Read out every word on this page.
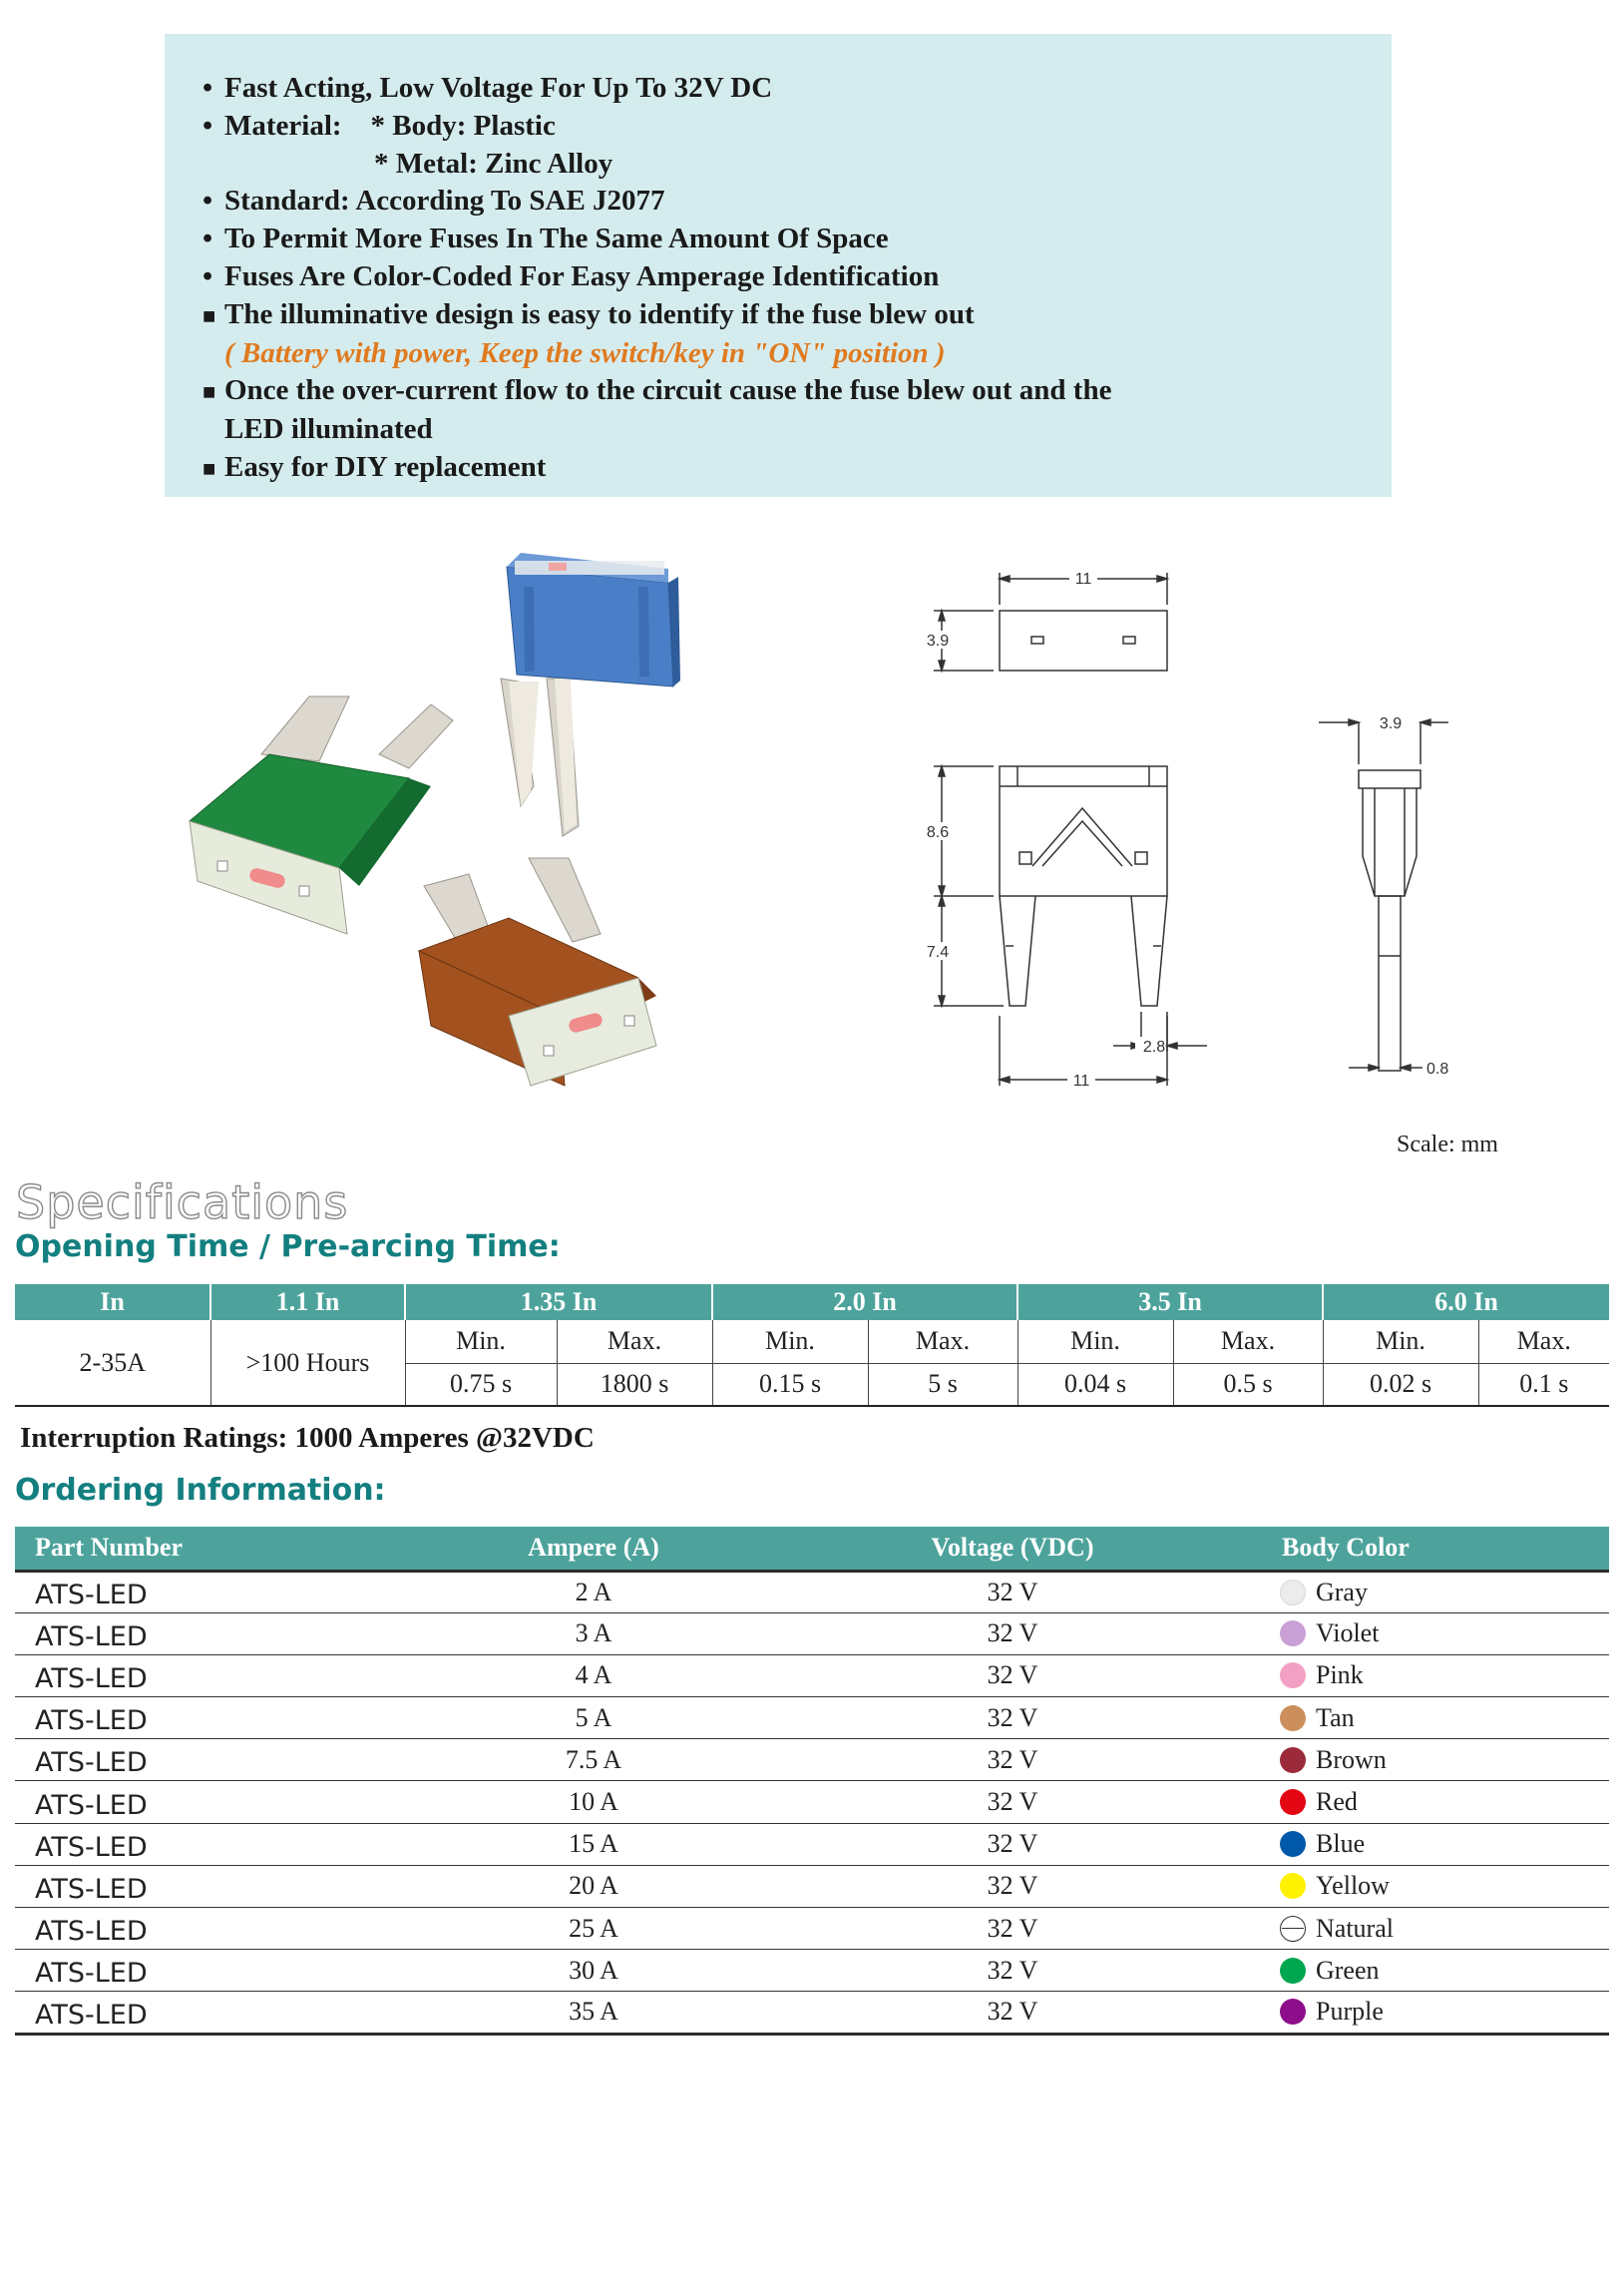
• Fast Acting, Low Voltage For Up To 32V DC
• Material:    * Body: Plastic
* Metal: Zinc Alloy
• Standard: According To SAE J2077
• To Permit More Fuses In The Same Amount Of Space
• Fuses Are Color-Coded For Easy Amperage Identification
■ The illuminative design is easy to identify if the fuse blew out
( Battery with power, Keep the switch/key in "ON" position )
■ Once the over-current flow to the circuit cause the fuse blew out and the
LED illuminated
■ Easy for DIY replacement
11
3.9
3.9
8.6
7.4
2.8
11
0.8
Scale: mm
Specifications
Opening Time / Pre-arcing Time:
In	1.1 In	1.35 In		2.0 In		3.5 In		6.0 In	
2-35A	>100 Hours	Min.	Max.	Min.	Max.	Min.	Max.	Min.	Max.
		0.75 s	1800 s	0.15 s	5 s	0.04 s	0.5 s	0.02 s	0.1 s
Interruption Ratings: 1000 Amperes @32VDC
Ordering Information:
Part Number	Ampere (A)	Voltage (VDC)	Body Color
ATS-LED	2 A	32 V	Gray
ATS-LED	3 A	32 V	Violet
ATS-LED	4 A	32 V	Pink
ATS-LED	5 A	32 V	Tan
ATS-LED	7.5 A	32 V	Brown
ATS-LED	10 A	32 V	Red
ATS-LED	15 A	32 V	Blue
ATS-LED	20 A	32 V	Yellow
ATS-LED	25 A	32 V	Natural
ATS-LED	30 A	32 V	Green
ATS-LED	35 A	32 V	Purple
